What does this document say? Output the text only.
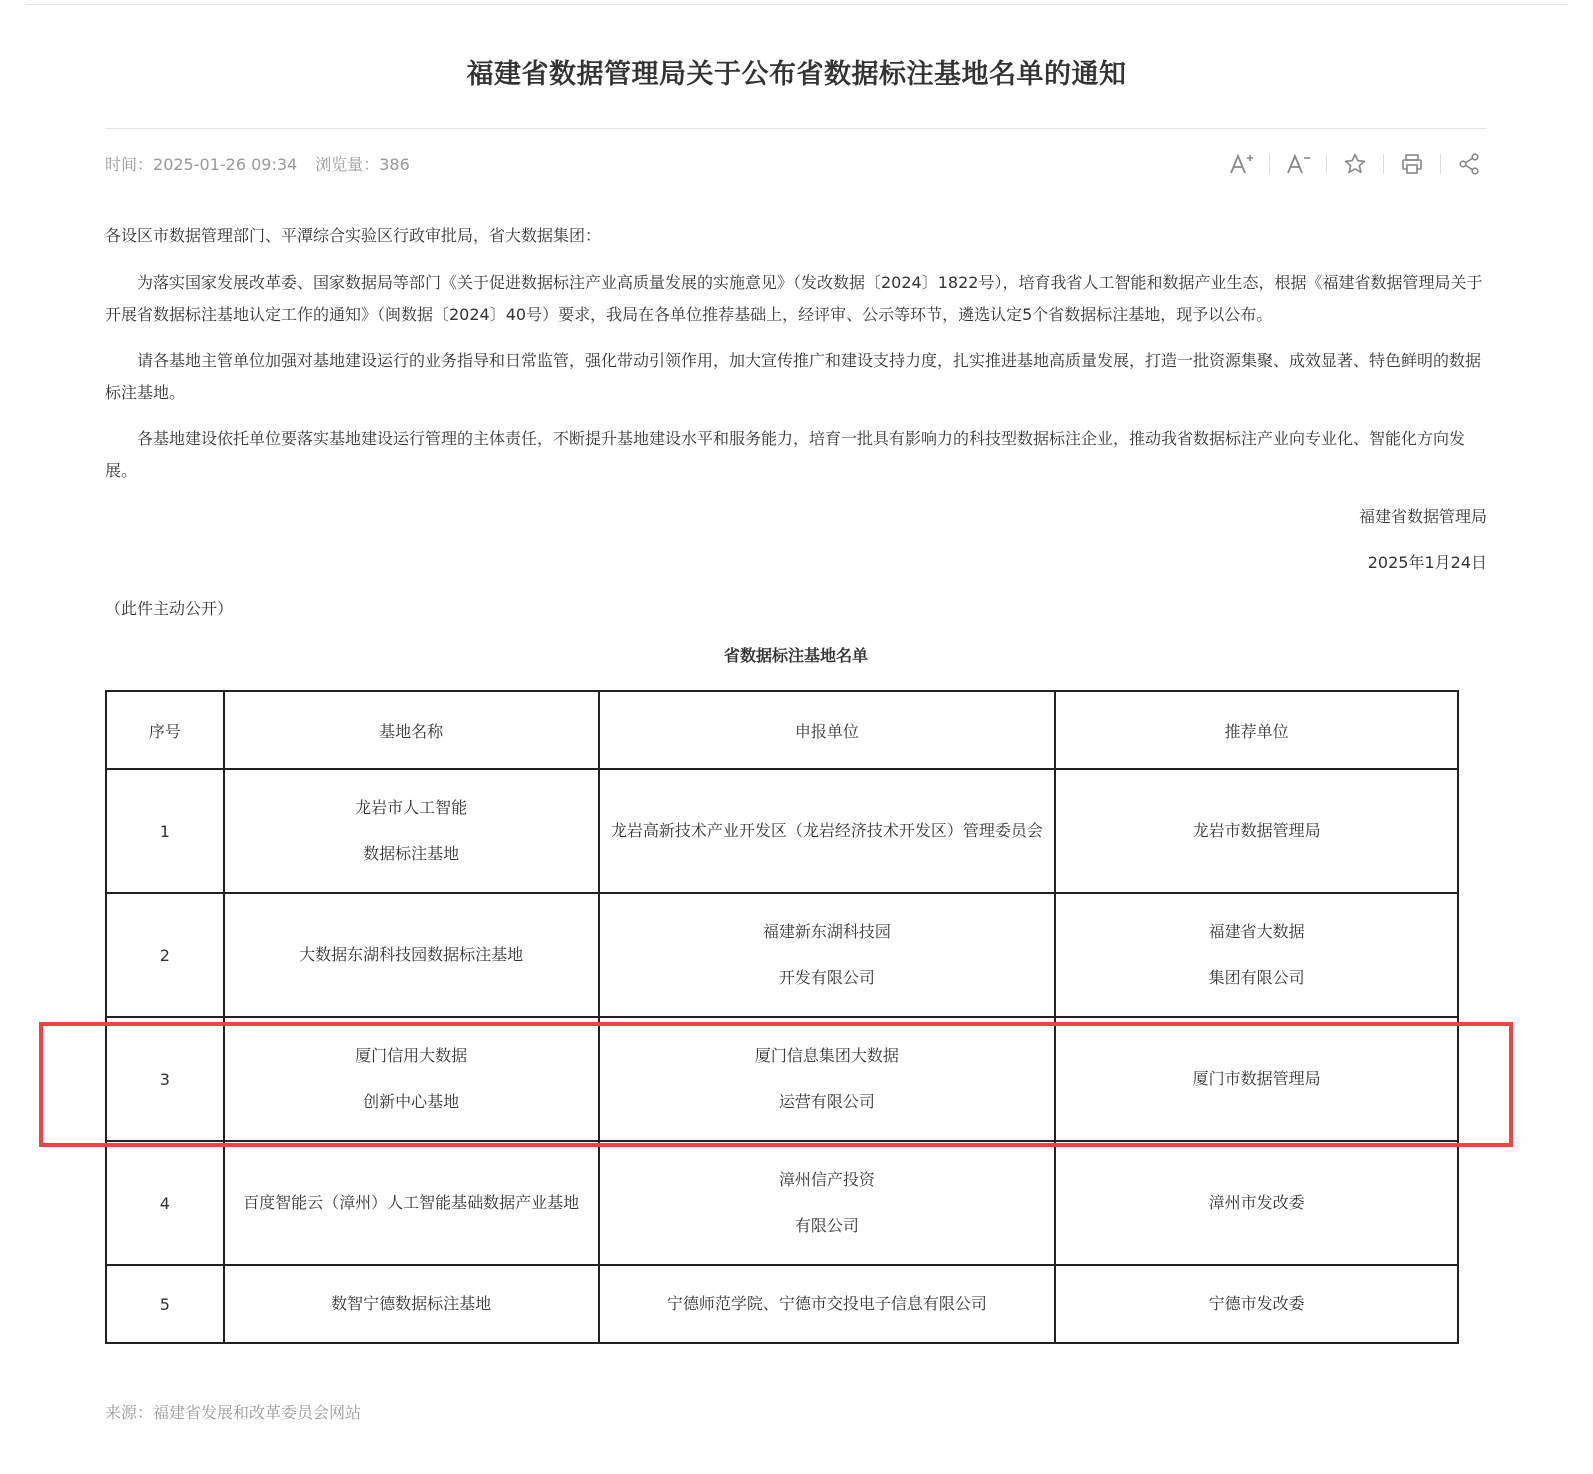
福建省数据管理局关于公布省数据标注基地名单的通知
时间：2025-01-26 09:34 浏览量：386

各设区市数据管理部门、平潭综合实验区行政审批局，省大数据集团：

为落实国家发展改革委、国家数据局等部门《关于促进数据标注产业高质量发展的实施意见》（发改数据〔2024〕1822号），培育我省人工智能和数据产业生态，根据《福建省数据管理局关于开展省数据标注基地认定工作的通知》（闽数据〔2024〕40号）要求，我局在各单位推荐基础上，经评审、公示等环节，遴选认定5个省数据标注基地，现予以公布。

请各基地主管单位加强对基地建设运行的业务指导和日常监管，强化带动引领作用，加大宣传推广和建设支持力度，扎实推进基地高质量发展，打造一批资源集聚、成效显著、特色鲜明的数据标注基地。

各基地建设依托单位要落实基地建设运行管理的主体责任，不断提升基地建设水平和服务能力，培育一批具有影响力的科技型数据标注企业，推动我省数据标注产业向专业化、智能化方向发展。

福建省数据管理局

2025年1月24日

（此件主动公开）

省数据标注基地名单

序号	基地名称	申报单位	推荐单位
1	龙岩市人工智能
数据标注基地	龙岩高新技术产业开发区（龙岩经济技术开发区）管理委员会	龙岩市数据管理局

2	大数据东湖科技园数据标注基地	福建新东湖科技园
开发有限公司	福建省大数据
集团有限公司

3	厦门信用大数据
创新中心基地	厦门信息集团大数据
运营有限公司	厦门市数据管理局

4	百度智能云（漳州）人工智能基础数据产业基地	漳州信产投资
有限公司	漳州市发改委

5	数智宁德数据标注基地	宁德师范学院、宁德市交投电子信息有限公司	宁德市发改委
来源：福建省发展和改革委员会网站
